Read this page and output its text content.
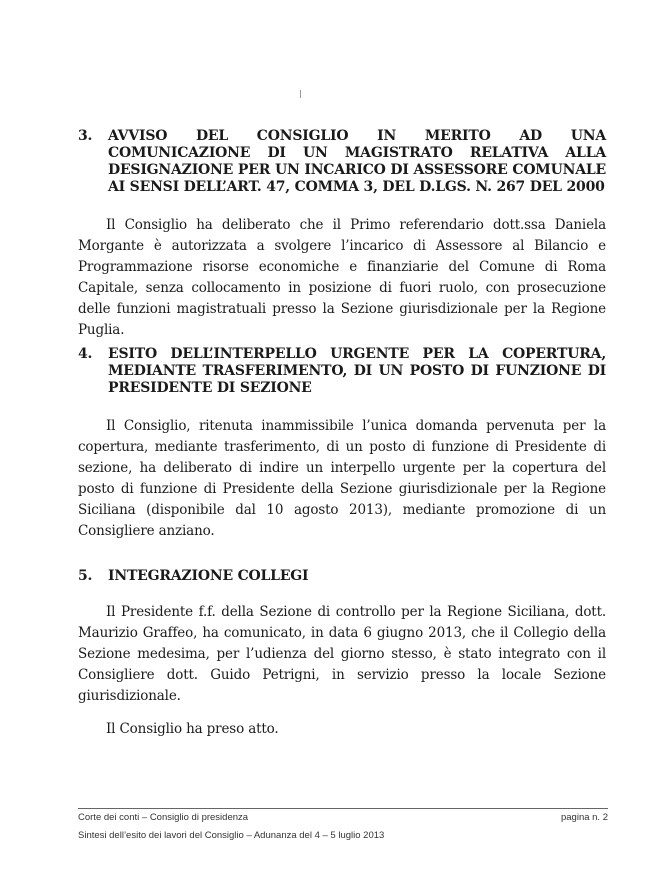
3.	AVVISO DEL CONSIGLIO IN MERITO AD UNA COMUNICAZIONE DI UN MAGISTRATO RELATIVA ALLA DESIGNAZIONE PER UN INCARICO DI ASSESSORE COMUNALE AI SENSI DELL’ART. 47, COMMA 3, DEL D.LGS. N. 267 DEL 2000

Il Consiglio ha deliberato che il Primo referendario dott.ssa Daniela Morgante è autorizzata a svolgere l’incarico di Assessore al Bilancio e Programmazione risorse economiche e finanziarie del Comune di Roma Capitale, senza collocamento in posizione di fuori ruolo, con prosecuzione delle funzioni magistratuali presso la Sezione giurisdizionale per la Regione Puglia.

4.	ESITO DELL’INTERPELLO URGENTE PER LA COPERTURA, MEDIANTE TRASFERIMENTO, DI UN POSTO DI FUNZIONE DI PRESIDENTE DI SEZIONE

Il Consiglio, ritenuta inammissibile l’unica domanda pervenuta per la copertura, mediante trasferimento, di un posto di funzione di Presidente di sezione, ha deliberato di indire un interpello urgente per la copertura del posto di funzione di Presidente della Sezione giurisdizionale per la Regione Siciliana (disponibile dal 10 agosto 2013), mediante promozione di un Consigliere anziano.

5.	INTEGRAZIONE COLLEGI

Il Presidente f.f. della Sezione di controllo per la Regione Siciliana, dott. Maurizio Graffeo, ha comunicato, in data 6 giugno 2013, che il Collegio della Sezione medesima, per l’udienza del giorno stesso, è stato integrato con il Consigliere dott. Guido Petrigni, in servizio presso la locale Sezione giurisdizionale.

Il Consiglio ha preso atto.

Corte dei conti – Consiglio di presidenza	pagina n. 2
Sintesi dell’esito dei lavori del Consiglio – Adunanza del 4 – 5 luglio 2013
